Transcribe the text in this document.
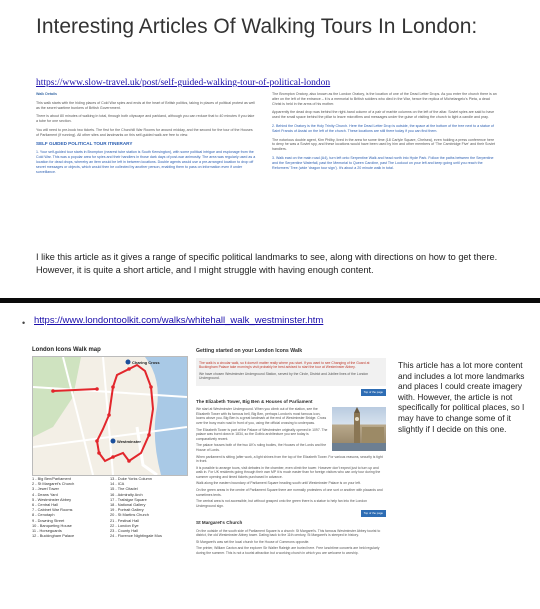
Interesting Articles Of Walking Tours In London:
https://www.slow-travel.uk/post/self-guided-walking-tour-of-political-london

Walk Details

This walk starts with the hiding places of Cold War spies and ends at the heart of British politics, taking in places of political protest as well as the secret wartime bunkers of British Government.

There is about 80 minutes of walking in total, through both cityscape and parkland, although you can reduce that to 40 minutes if you take a tube for one section.

You will need to pre-book two tickets. The first for the Churchill War Rooms for around midday, and the second for the tour of the Houses of Parliament (if running). All other sites and landmarks on this self-guided walk are free to view.

SELF GUIDED POLITICAL TOUR ITINERARY

1. Your self-guided tour starts in Brompton (nearest tube station is South Kensington), with some political intrigue and espionage from the Cold War. This was a popular area for spies and their handlers in those dark days of post-war animosity. The area was regularly used as a location for dead drops, whereby an item would be left in between locations. Double agents would use a pre-arranged location to drop off secret messages or objects, which would then be collected by another person, enabling them to pass on information even if under surveillance.

The Brompton Oratory, also known as the London Oratory, is the location of one of the Dead Letter Drops. As you enter the church there is an alter on the left of the entrance – it is a memorial to British soldiers who died in the War, hence the replica of Michelangelo's Pieta, a dead Christ is held in the arms of his mother.

Apparently the dead drop was behind the right-hand column of a pair of marble columns on the left of the altar. Soviet spies are said to have used the small space behind the pillar to leave microfilms and messages under the guise of visiting the church to light a candle and pray.

2. Behind the Oratory is the Holy Trinity Church. Here the Dead Letter Drop is outside, the space at the bottom of the tree next to a statue of Saint Francis of Assisi on the left of the church. These locations are still there today if you can find them.

The notorious double agent, Kim Philby, lived in the area for some time (18 Carlyle Square, Chelsea), even holding a press conference here to deny he was a Soviet spy, and these locations would have been used by him and other members of 'The Cambridge Five' and their Soviet handlers.

3. Walk east on the main road (A4), turn left onto Serpentine Walk and head north into Hyde Park. Follow the paths between the Serpentine and the Serpentine Waterfall, past the Memorial to Queen Caroline, past The Lookout on your left and keep going until you reach the Reformers' Tree (wide 'dragon tour sign'). It's about a 20 minute walk in total.

I like this article as it gives a range of specific political landmarks to see, along with directions on how to get there. However, it is quite a short article, and I might struggle with having enough content.
• https://www.londontoolkit.com/walks/whitehall_walk_westminster.htm
London Icons Walk map
Charing Cross
Westminster
1 - Big Ben/Parliament
2 - St Margaret's Church
3 - Jewel Tower
4 - Deans Yard
5 - Westminster Abbey
6 - Central Hall
7 - Cabinet War Rooms
8 - Cenotaph
9 - Downing Street
10 - Banqueting House
11 - Horseguards
12 - Buckingham Palace
13 - Duke Yorks Column
14 - ICA
15 - The Citadel
16 - Admiralty Arch
17 - Trafalgar Square
18 - National Gallery
19 - Portrait Gallery
20 - St Martins Church
21 - Festival Hall
22 - London Eye
23 - County Hall
24 - Florence Nightingale Mus
Getting started on your London Icons Walk

The walk is a circular walk, so it doesn't matter really where you start. If you want to see Changing of the Guard at Buckingham Palace take morning's visit probably be best advised to start the tour at Westminster Abbey.

We have chosen Westminster Underground Station, served by the Circle, District and Jubilee lines of the London Underground.

Top of the page
The Elizabeth Tower, Big Ben & Houses of Parliament

We start at Westminster Underground. When you climb out of the station, see the Elizabeth Tower with its famous bell, Big Ben, perhaps London's most famous icon, looms above you. Big Ben is a great landmark at the end of Westminster Bridge. Cross over the busy main road in front of you, using the official crossing to underpass.

The Elizabeth Tower is part of the Palace of Westminster originally opened in 1097. The palace was burnt down in 1834, so the Gothic architecture you see today is comparatively recent.

The palace houses both of the two UK's ruling bodies, the Houses of the Lords and the House of Lords.

When parliament is sitting (after work, a light shines from the top of the Elizabeth Tower. For various reasons, security is tight in front.

It is possible to arrange tours, visit debates in the chamber, even climb the tower. However don't expect just to turn up and walk in. For UK residents going through their own MP it is much easier than for foreign visitors who can only tour during the summer opening and timed tickets purchased in advance.

Walk along the eastern boundary of Parliament Square heading south until Westminster Palace is on your left.

On the green areas in the centre of Parliament Square there are normally protesters of one sort or another with placards and sometimes tents.

The central area is not accessible, but without grasped onto the green there is a statue to help fan into the London Underground sign.

Top of the page
St Margaret's Church

On the outside of the south side of Parliament Square is a church: St Margaret's. This famous Westminster Abbey tourist to district, the old Westminster Abbey tower. Dating back to the 11th century, St Margaret's is steeped in history.

St Margaret's was set the local church for the House of Commons opposite.

The printer, William Caxton and the explorer Sir Walter Raleigh are buried here. Free lunchtime concerts are held regularly during the summer. This is not a tourist attraction but a working church in which you are welcome to worship.

This article has a lot more content and includes a lot more landmarks and places I could create imagery with. However, the article is not specifically for political places, so I may have to change some of it slightly if I decide on this one.
